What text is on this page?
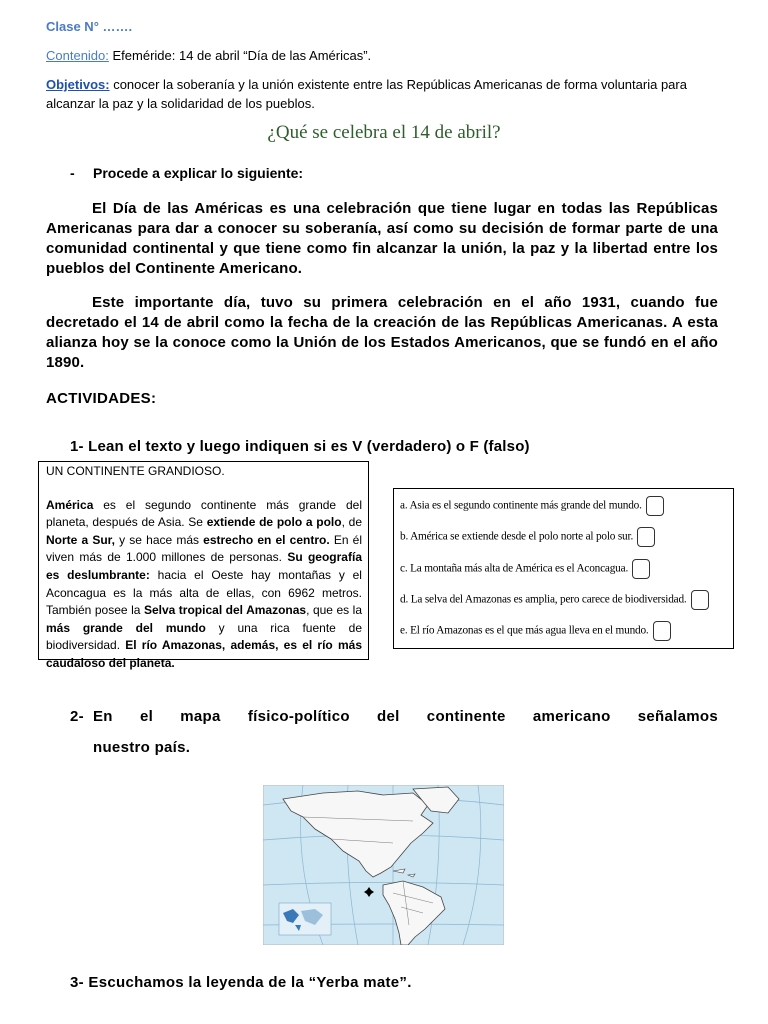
Clase N° …….
Contenido: Efeméride: 14 de abril “Día de las Américas”.
Objetivos: conocer la soberanía y la unión existente entre las Repúblicas Americanas de forma voluntaria para alcanzar la paz y la solidaridad de los pueblos.
¿Qué se celebra el 14 de abril?
- Procede a explicar lo siguiente:
El Día de las Américas es una celebración que tiene lugar en todas las Repúblicas Americanas para dar a conocer su soberanía, así como su decisión de formar parte de una comunidad continental y que tiene como fin alcanzar la unión, la paz y la libertad entre los pueblos del Continente Americano.
Este importante día, tuvo su primera celebración en el año 1931, cuando fue decretado el 14 de abril como la fecha de la creación de las Repúblicas Americanas. A esta alianza hoy se la conoce como la Unión de los Estados Americanos, que se fundó en el año 1890.
ACTIVIDADES:
1- Lean el texto y luego indiquen si es V (verdadero) o F (falso)
UN CONTINENTE GRANDIOSO.
América es el segundo continente más grande del planeta, después de Asia. Se extiende de polo a polo, de Norte a Sur, y se hace más estrecho en el centro. En él viven más de 1.000 millones de personas. Su geografía es deslumbrante: hacia el Oeste hay montañas y el Aconcagua es la más alta de ellas, con 6962 metros. También posee la Selva tropical del Amazonas, que es la más grande del mundo y una rica fuente de biodiversidad. El río Amazonas, además, es el río más caudaloso del planeta.
a. Asia es el segundo continente más grande del mundo.
b. América se extiende desde el polo norte al polo sur.
c. La montaña más alta de América es el Aconcagua.
d. La selva del Amazonas es amplia, pero carece de biodiversidad.
e. El río Amazonas es el que más agua lleva en el mundo.
2- En el mapa físico-político del continente americano señalamos
nuestro país.
3- Escuchamos la leyenda de la “Yerba mate”.
